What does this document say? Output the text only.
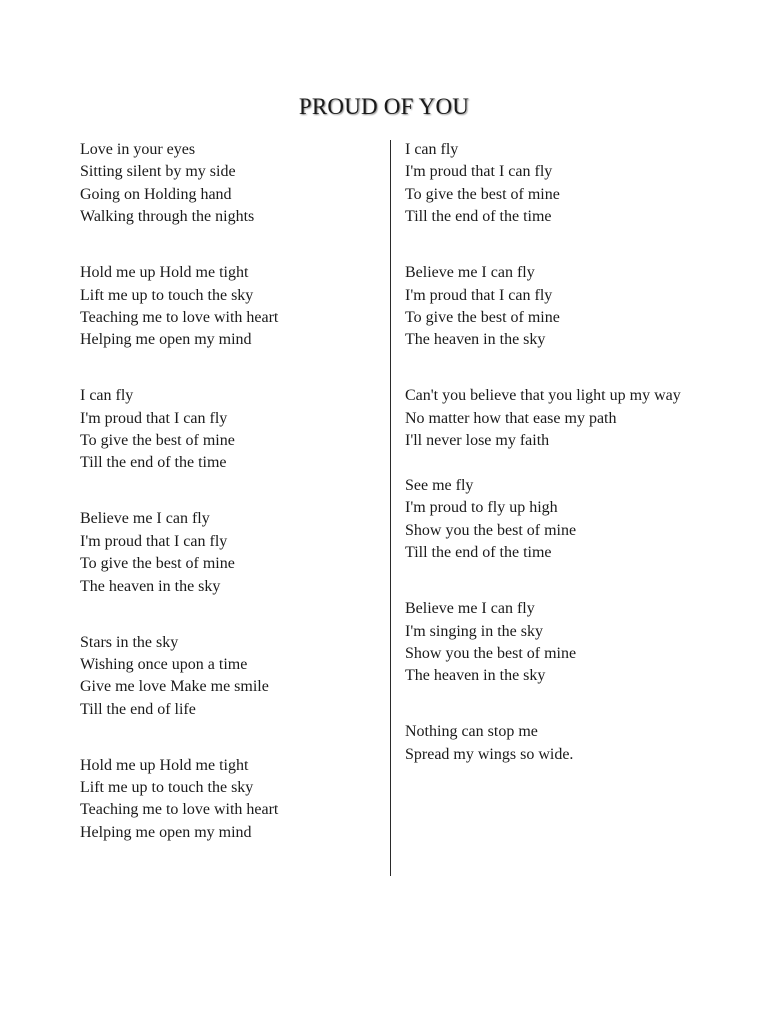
PROUD OF YOU
Love in your eyes
Sitting silent by my side
Going on Holding hand
Walking through the nights
Hold me up Hold me tight
Lift me up to touch the sky
Teaching me to love with heart
Helping me open my mind
I can fly
I'm proud that I can fly
To give the best of mine
Till the end of the time
Believe me I can fly
I'm proud that I can fly
To give the best of mine
The heaven in the sky
Stars in the sky
Wishing once upon a time
Give me love Make me smile
Till the end of life
Hold me up Hold me tight
Lift me up to touch the sky
Teaching me to love with heart
Helping me open my mind
I can fly
I'm proud that I can fly
To give the best of mine
Till the end of the time
Believe me I can fly
I'm proud that I can fly
To give the best of mine
The heaven in the sky
Can't you believe that you light up my way
No matter how that ease my path
I'll never lose my faith
See me fly
I'm proud to fly up high
Show you the best of mine
Till the end of the time
Believe me I can fly
I'm singing in the sky
Show you the best of mine
The heaven in the sky
Nothing can stop me
Spread my wings so wide.
